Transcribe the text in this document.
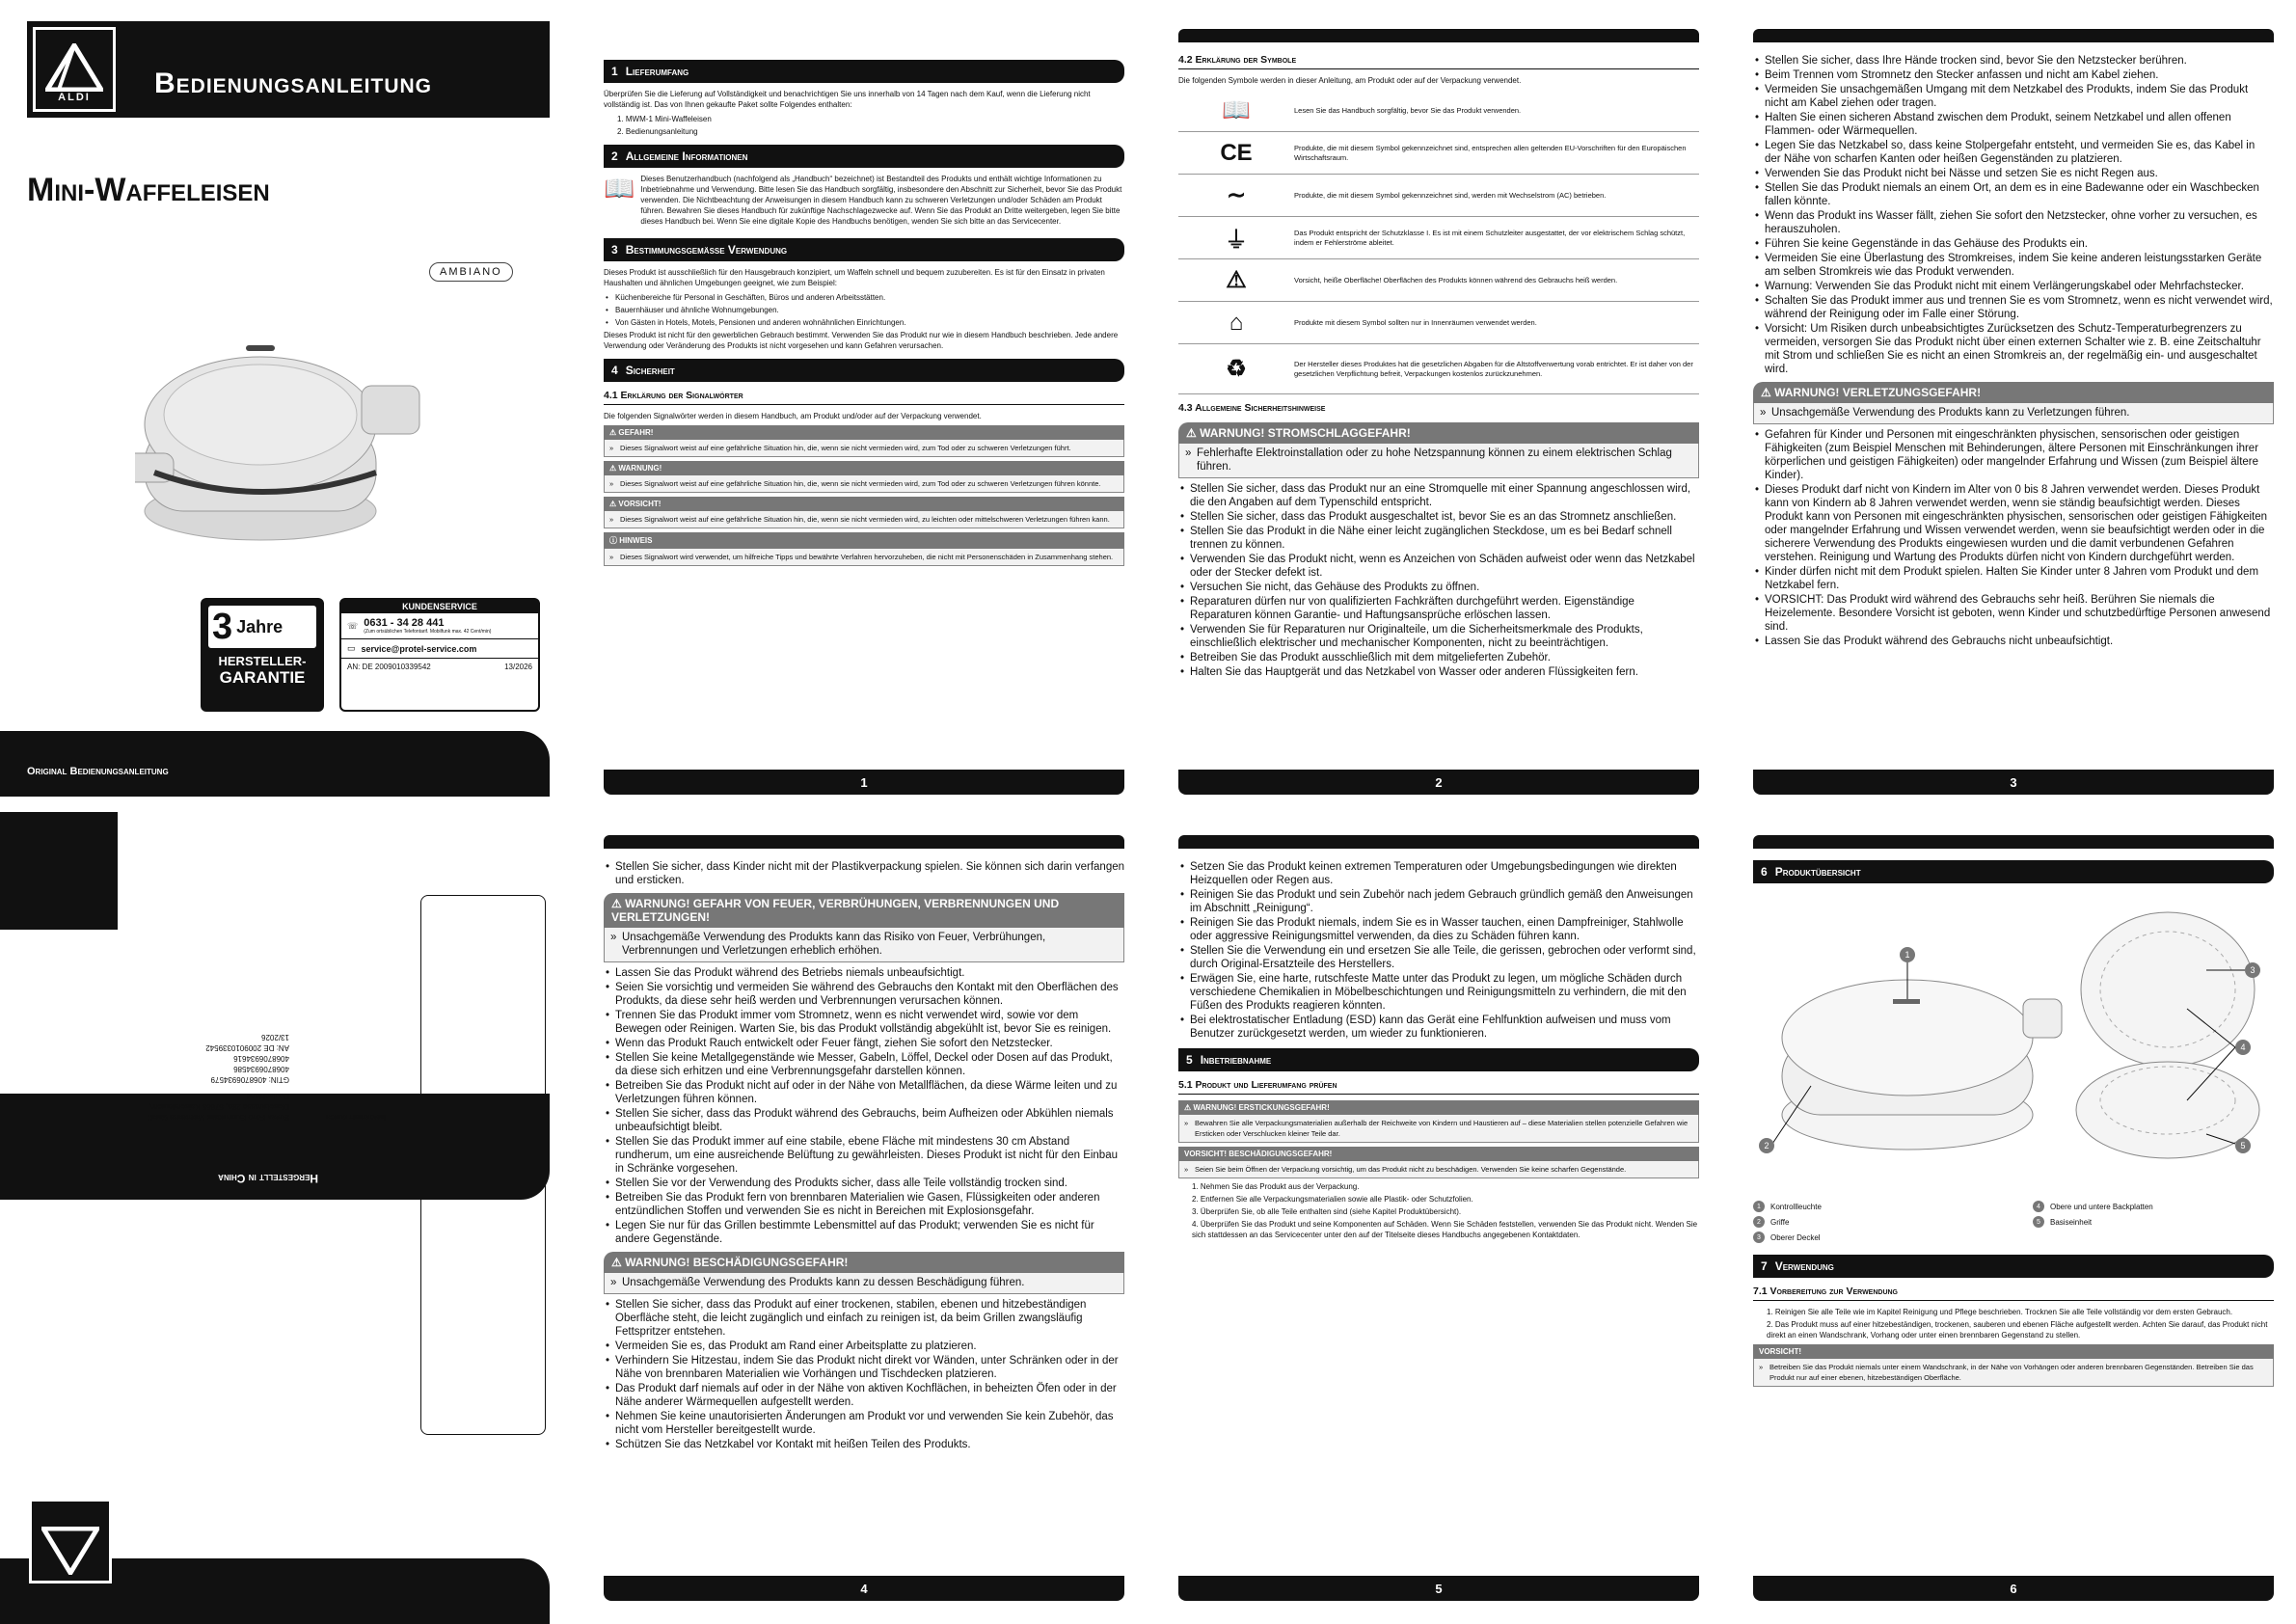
ALDI Bedienungsanleitung
Mini-Waffeleisen
AMBIANO
3 Jahre
HERSTELLER-
GARANTIE
KUNDENSERVICE
☏ 0631 - 34 28 441
(Zum ortsüblichen Telefontarif. Mobilfunk max. 42 Cent/min)
▭ service@protel-service.com
AN: DE 2009010339542	13/2026
Original Bedienungsanleitung
Hergestellt in China
Importiert durch
Supra Foto-Elektronik-Vertriebs-GmbH
Dieselstrasse 28a, 67665 Kaiserslautern,
Deutschland
GTIN: 4068706934579
4068706934586
4068706934616
AN: DE 2009010339542
13/2026
1 Lieferumfang
Überprüfen Sie die Lieferung auf Vollständigkeit und benachrichtigen Sie uns innerhalb von 14 Tagen nach dem Kauf, wenn die Lieferung nicht vollständig ist. Das von Ihnen gekaufte Paket sollte Folgendes enthalten:
1. MWM-1 Mini-Waffeleisen
2. Bedienungsanleitung
2 Allgemeine Informationen
📖 Dieses Benutzerhandbuch (nachfolgend als „Handbuch“ bezeichnet) ist Bestandteil des Produkts und enthält wichtige Informationen zu Inbetriebnahme und Verwendung. Bitte lesen Sie das Handbuch sorgfältig, insbesondere den Abschnitt zur Sicherheit, bevor Sie das Produkt verwenden. Die Nichtbeachtung der Anweisungen in diesem Handbuch kann zu schweren Verletzungen und/oder Schäden am Produkt führen. Bewahren Sie dieses Handbuch für zukünftige Nachschlagezwecke auf. Wenn Sie das Produkt an Dritte weitergeben, legen Sie bitte dieses Handbuch bei. Wenn Sie eine digitale Kopie des Handbuchs benötigen, wenden Sie sich bitte an das Servicecenter.
3 Bestimmungsgemässe Verwendung
Dieses Produkt ist ausschließlich für den Hausgebrauch konzipiert, um Waffeln schnell und bequem zuzubereiten. Es ist für den Einsatz in privaten Haushalten und ähnlichen Umgebungen geeignet, wie zum Beispiel:
• Küchenbereiche für Personal in Geschäften, Büros und anderen Arbeitsstätten.
• Bauernhäuser und ähnliche Wohnumgebungen.
• Von Gästen in Hotels, Motels, Pensionen und anderen wohnähnlichen Einrichtungen.
Dieses Produkt ist nicht für den gewerblichen Gebrauch bestimmt. Verwenden Sie das Produkt nur wie in diesem Handbuch beschrieben. Jede andere Verwendung oder Veränderung des Produkts ist nicht vorgesehen und kann Gefahren verursachen.
4 Sicherheit
4.1 Erklärung der Signalwörter
Die folgenden Signalwörter werden in diesem Handbuch, am Produkt und/oder auf der Verpackung verwendet.
⚠ GEFAHR!
» Dieses Signalwort weist auf eine gefährliche Situation hin, die, wenn sie nicht vermieden wird, zum Tod oder zu schweren Verletzungen führt.
⚠ WARNUNG!
» Dieses Signalwort weist auf eine gefährliche Situation hin, die, wenn sie nicht vermieden wird, zum Tod oder zu schweren Verletzungen führen könnte.
⚠ VORSICHT!
» Dieses Signalwort weist auf eine gefährliche Situation hin, die, wenn sie nicht vermieden wird, zu leichten oder mittelschweren Verletzungen führen kann.
ⓘ HINWEIS
» Dieses Signalwort wird verwendet, um hilfreiche Tipps und bewährte Verfahren hervorzuheben, die nicht mit Personenschäden in Zusammenhang stehen.
1
4.2 Erklärung der Symbole
Die folgenden Symbole werden in dieser Anleitung, am Produkt oder auf der Verpackung verwendet.
📖	Lesen Sie das Handbuch sorgfältig, bevor Sie das Produkt verwenden.
CE	Produkte, die mit diesem Symbol gekennzeichnet sind, entsprechen allen geltenden EU-Vorschriften für den Europäischen Wirtschaftsraum.
∼	Produkte, die mit diesem Symbol gekennzeichnet sind, werden mit Wechselstrom (AC) betrieben.
⏚	Das Produkt entspricht der Schutzklasse I. Es ist mit einem Schutzleiter ausgestattet, der vor elektrischem Schlag schützt, indem er Fehlerströme ableitet.
⚠	Vorsicht, heiße Oberfläche! Oberflächen des Produkts können während des Gebrauchs heiß werden.
⌂	Produkte mit diesem Symbol sollten nur in Innenräumen verwendet werden.
♻	Der Hersteller dieses Produktes hat die gesetzlichen Abgaben für die Altstoffverwertung vorab entrichtet. Er ist daher von der gesetzlichen Verpflichtung befreit, Verpackungen kostenlos zurückzunehmen.
4.3 Allgemeine Sicherheitshinweise
⚠ WARNUNG! STROMSCHLAGGEFAHR!
» Fehlerhafte Elektroinstallation oder zu hohe Netzspannung können zu einem elektrischen Schlag führen.
• Stellen Sie sicher, dass das Produkt nur an eine Stromquelle mit einer Spannung angeschlossen wird, die den Angaben auf dem Typenschild entspricht.
• Stellen Sie sicher, dass das Produkt ausgeschaltet ist, bevor Sie es an das Stromnetz anschließen.
• Stellen Sie das Produkt in die Nähe einer leicht zugänglichen Steckdose, um es bei Bedarf schnell trennen zu können.
• Verwenden Sie das Produkt nicht, wenn es Anzeichen von Schäden aufweist oder wenn das Netzkabel oder der Stecker defekt ist.
• Versuchen Sie nicht, das Gehäuse des Produkts zu öffnen.
• Reparaturen dürfen nur von qualifizierten Fachkräften durchgeführt werden. Eigenständige Reparaturen können Garantie- und Haftungsansprüche erlöschen lassen.
• Verwenden Sie für Reparaturen nur Originalteile, um die Sicherheitsmerkmale des Produkts, einschließlich elektrischer und mechanischer Komponenten, nicht zu beeinträchtigen.
• Betreiben Sie das Produkt ausschließlich mit dem mitgelieferten Zubehör.
• Halten Sie das Hauptgerät und das Netzkabel von Wasser oder anderen Flüssigkeiten fern.
2
• Stellen Sie sicher, dass Ihre Hände trocken sind, bevor Sie den Netzstecker berühren.
• Beim Trennen vom Stromnetz den Stecker anfassen und nicht am Kabel ziehen.
• Vermeiden Sie unsachgemäßen Umgang mit dem Netzkabel des Produkts, indem Sie das Produkt nicht am Kabel ziehen oder tragen.
• Halten Sie einen sicheren Abstand zwischen dem Produkt, seinem Netzkabel und allen offenen Flammen- oder Wärmequellen.
• Legen Sie das Netzkabel so, dass keine Stolpergefahr entsteht, und vermeiden Sie es, das Kabel in der Nähe von scharfen Kanten oder heißen Gegenständen zu platzieren.
• Verwenden Sie das Produkt nicht bei Nässe und setzen Sie es nicht Regen aus.
• Stellen Sie das Produkt niemals an einem Ort, an dem es in eine Badewanne oder ein Waschbecken fallen könnte.
• Wenn das Produkt ins Wasser fällt, ziehen Sie sofort den Netzstecker, ohne vorher zu versuchen, es herauszuholen.
• Führen Sie keine Gegenstände in das Gehäuse des Produkts ein.
• Vermeiden Sie eine Überlastung des Stromkreises, indem Sie keine anderen leistungsstarken Geräte am selben Stromkreis wie das Produkt verwenden.
• Warnung: Verwenden Sie das Produkt nicht mit einem Verlängerungskabel oder Mehrfachstecker.
• Schalten Sie das Produkt immer aus und trennen Sie es vom Stromnetz, wenn es nicht verwendet wird, während der Reinigung oder im Falle einer Störung.
• Vorsicht: Um Risiken durch unbeabsichtigtes Zurücksetzen des Schutz-Temperaturbegrenzers zu vermeiden, versorgen Sie das Produkt nicht über einen externen Schalter wie z. B. eine Zeitschaltuhr mit Strom und schließen Sie es nicht an einen Stromkreis an, der regelmäßig ein- und ausgeschaltet wird.
⚠ WARNUNG! VERLETZUNGSGEFAHR!
» Unsachgemäße Verwendung des Produkts kann zu Verletzungen führen.
• Gefahren für Kinder und Personen mit eingeschränkten physischen, sensorischen oder geistigen Fähigkeiten (zum Beispiel Menschen mit Behinderungen, ältere Personen mit Einschränkungen ihrer körperlichen und geistigen Fähigkeiten) oder mangelnder Erfahrung und Wissen (zum Beispiel ältere Kinder).
• Dieses Produkt darf nicht von Kindern im Alter von 0 bis 8 Jahren verwendet werden. Dieses Produkt kann von Kindern ab 8 Jahren verwendet werden, wenn sie ständig beaufsichtigt werden. Dieses Produkt kann von Personen mit eingeschränkten physischen, sensorischen oder geistigen Fähigkeiten oder mangelnder Erfahrung und Wissen verwendet werden, wenn sie beaufsichtigt werden oder in die sicherere Verwendung des Produkts eingewiesen wurden und die damit verbundenen Gefahren verstehen. Reinigung und Wartung des Produkts dürfen nicht von Kindern durchgeführt werden.
• Kinder dürfen nicht mit dem Produkt spielen. Halten Sie Kinder unter 8 Jahren vom Produkt und dem Netzkabel fern.
• VORSICHT: Das Produkt wird während des Gebrauchs sehr heiß. Berühren Sie niemals die Heizelemente. Besondere Vorsicht ist geboten, wenn Kinder und schutzbedürftige Personen anwesend sind.
• Lassen Sie das Produkt während des Gebrauchs nicht unbeaufsichtigt.
3
• Stellen Sie sicher, dass Kinder nicht mit der Plastikverpackung spielen. Sie können sich darin verfangen und ersticken.
⚠ WARNUNG! GEFAHR VON FEUER, VERBRÜHUNGEN, VERBRENNUNGEN UND VERLETZUNGEN!
» Unsachgemäße Verwendung des Produkts kann das Risiko von Feuer, Verbrühungen, Verbrennungen und Verletzungen erheblich erhöhen.
• Lassen Sie das Produkt während des Betriebs niemals unbeaufsichtigt.
• Seien Sie vorsichtig und vermeiden Sie während des Gebrauchs den Kontakt mit den Oberflächen des Produkts, da diese sehr heiß werden und Verbrennungen verursachen können.
• Trennen Sie das Produkt immer vom Stromnetz, wenn es nicht verwendet wird, sowie vor dem Bewegen oder Reinigen. Warten Sie, bis das Produkt vollständig abgekühlt ist, bevor Sie es reinigen.
• Wenn das Produkt Rauch entwickelt oder Feuer fängt, ziehen Sie sofort den Netzstecker.
• Stellen Sie keine Metallgegenstände wie Messer, Gabeln, Löffel, Deckel oder Dosen auf das Produkt, da diese sich erhitzen und eine Verbrennungsgefahr darstellen können.
• Betreiben Sie das Produkt nicht auf oder in der Nähe von Metallflächen, da diese Wärme leiten und zu Verletzungen führen können.
• Stellen Sie sicher, dass das Produkt während des Gebrauchs, beim Aufheizen oder Abkühlen niemals unbeaufsichtigt bleibt.
• Stellen Sie das Produkt immer auf eine stabile, ebene Fläche mit mindestens 30 cm Abstand rundherum, um eine ausreichende Belüftung zu gewährleisten. Dieses Produkt ist nicht für den Einbau in Schränke vorgesehen.
• Stellen Sie vor der Verwendung des Produkts sicher, dass alle Teile vollständig trocken sind.
• Betreiben Sie das Produkt fern von brennbaren Materialien wie Gasen, Flüssigkeiten oder anderen entzündlichen Stoffen und verwenden Sie es nicht in Bereichen mit Explosionsgefahr.
• Legen Sie nur für das Grillen bestimmte Lebensmittel auf das Produkt; verwenden Sie es nicht für andere Gegenstände.
⚠ WARNUNG! BESCHÄDIGUNGSGEFAHR!
» Unsachgemäße Verwendung des Produkts kann zu dessen Beschädigung führen.
• Stellen Sie sicher, dass das Produkt auf einer trockenen, stabilen, ebenen und hitzebeständigen Oberfläche steht, die leicht zugänglich und einfach zu reinigen ist, da beim Grillen zwangsläufig Fettspritzer entstehen.
• Vermeiden Sie es, das Produkt am Rand einer Arbeitsplatte zu platzieren.
• Verhindern Sie Hitzestau, indem Sie das Produkt nicht direkt vor Wänden, unter Schränken oder in der Nähe von brennbaren Materialien wie Vorhängen und Tischdecken platzieren.
• Das Produkt darf niemals auf oder in der Nähe von aktiven Kochflächen, in beheizten Öfen oder in der Nähe anderer Wärmequellen aufgestellt werden.
• Nehmen Sie keine unautorisierten Änderungen am Produkt vor und verwenden Sie kein Zubehör, das nicht vom Hersteller bereitgestellt wurde.
• Schützen Sie das Netzkabel vor Kontakt mit heißen Teilen des Produkts.
4
• Setzen Sie das Produkt keinen extremen Temperaturen oder Umgebungsbedingungen wie direkten Heizquellen oder Regen aus.
• Reinigen Sie das Produkt und sein Zubehör nach jedem Gebrauch gründlich gemäß den Anweisungen im Abschnitt „Reinigung“.
• Reinigen Sie das Produkt niemals, indem Sie es in Wasser tauchen, einen Dampfreiniger, Stahlwolle oder aggressive Reinigungsmittel verwenden, da dies zu Schäden führen kann.
• Stellen Sie die Verwendung ein und ersetzen Sie alle Teile, die gerissen, gebrochen oder verformt sind, durch Original-Ersatzteile des Herstellers.
• Erwägen Sie, eine harte, rutschfeste Matte unter das Produkt zu legen, um mögliche Schäden durch verschiedene Chemikalien in Möbelbeschichtungen und Reinigungsmitteln zu verhindern, die mit den Füßen des Produkts reagieren könnten.
• Bei elektrostatischer Entladung (ESD) kann das Gerät eine Fehlfunktion aufweisen und muss vom Benutzer zurückgesetzt werden, um wieder zu funktionieren.
5 Inbetriebnahme
5.1 Produkt und Lieferumfang prüfen
⚠ WARNUNG! ERSTICKUNGSGEFAHR!
» Bewahren Sie alle Verpackungsmaterialien außerhalb der Reichweite von Kindern und Haustieren auf – diese Materialien stellen potenzielle Gefahren wie Ersticken oder Verschlucken kleiner Teile dar.
VORSICHT! BESCHÄDIGUNGSGEFAHR!
» Seien Sie beim Öffnen der Verpackung vorsichtig, um das Produkt nicht zu beschädigen. Verwenden Sie keine scharfen Gegenstände.
1. Nehmen Sie das Produkt aus der Verpackung.
2. Entfernen Sie alle Verpackungsmaterialien sowie alle Plastik- oder Schutzfolien.
3. Überprüfen Sie, ob alle Teile enthalten sind (siehe Kapitel Produktübersicht).
4. Überprüfen Sie das Produkt und seine Komponenten auf Schäden. Wenn Sie Schäden feststellen, verwenden Sie das Produkt nicht. Wenden Sie sich stattdessen an das Servicecenter unter den auf der Titelseite dieses Handbuchs angegebenen Kontaktdaten.
5
6 Produktübersicht
1
2
3
4
5
1	Kontrollleuchte
2	Griffe
3	Oberer Deckel
4	Obere und untere Backplatten
5	Basiseinheit
7 Verwendung
7.1 Vorbereitung zur Verwendung
1. Reinigen Sie alle Teile wie im Kapitel Reinigung und Pflege beschrieben. Trocknen Sie alle Teile vollständig vor dem ersten Gebrauch.
2. Das Produkt muss auf einer hitzebeständigen, trockenen, sauberen und ebenen Fläche aufgestellt werden. Achten Sie darauf, das Produkt nicht direkt an einen Wandschrank, Vorhang oder unter einen brennbaren Gegenstand zu stellen.
VORSICHT!
» Betreiben Sie das Produkt niemals unter einem Wandschrank, in der Nähe von Vorhängen oder anderen brennbaren Gegenständen. Betreiben Sie das Produkt nur auf einer ebenen, hitzebeständigen Oberfläche.
6
